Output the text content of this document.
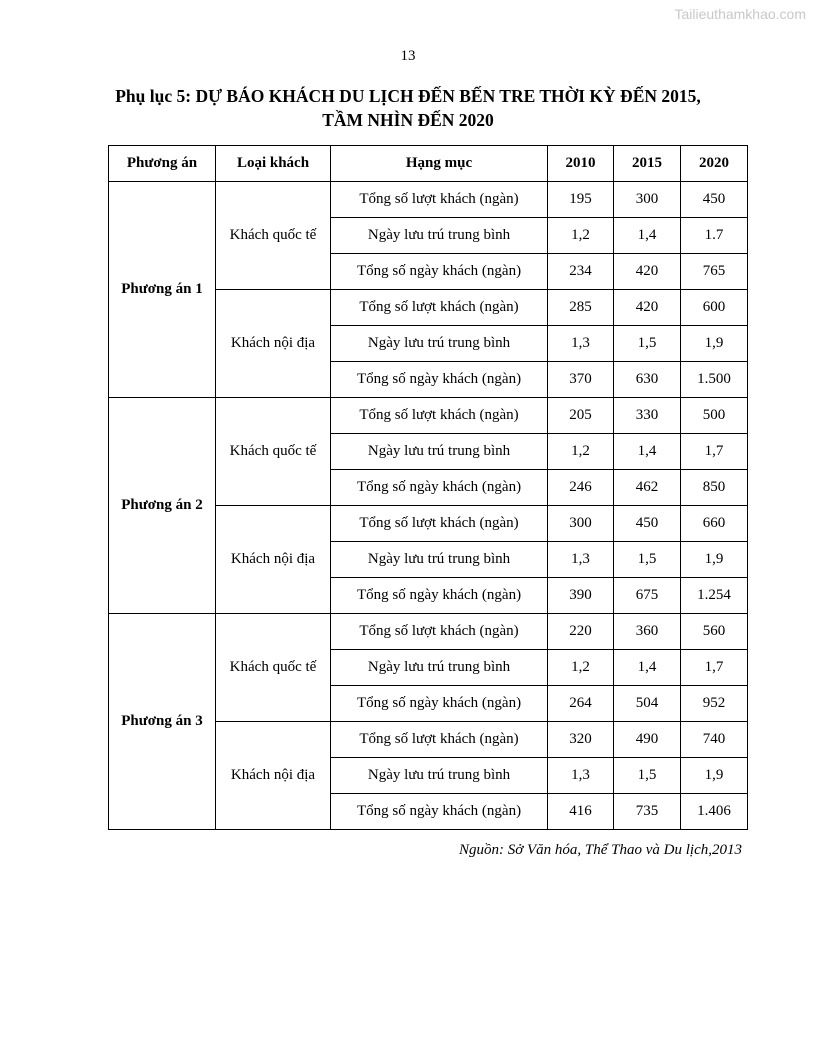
Tailieuthamkhao.com
13
Phụ lục 5: DỰ BÁO KHÁCH DU LỊCH ĐẾN BẾN TRE THỜI KỲ ĐẾN 2015,
TẦM NHÌN ĐẾN 2020
Phương án	Loại khách	Hạng mục	2010	2015	2020
Phương án 1	Khách quốc tế	Tổng số lượt khách (ngàn)	195	300	450
		Ngày lưu trú trung bình	1,2	1,4	1.7
		Tổng số ngày khách (ngàn)	234	420	765
	Khách nội địa	Tổng số lượt khách (ngàn)	285	420	600
		Ngày lưu trú trung bình	1,3	1,5	1,9
		Tổng số ngày khách (ngàn)	370	630	1.500
Phương án 2	Khách quốc tế	Tổng số lượt khách (ngàn)	205	330	500
		Ngày lưu trú trung bình	1,2	1,4	1,7
		Tổng số ngày khách (ngàn)	246	462	850
	Khách nội địa	Tổng số lượt khách (ngàn)	300	450	660
		Ngày lưu trú trung bình	1,3	1,5	1,9
		Tổng số ngày khách (ngàn)	390	675	1.254
Phương án 3	Khách quốc tế	Tổng số lượt khách (ngàn)	220	360	560
		Ngày lưu trú trung bình	1,2	1,4	1,7
		Tổng số ngày khách (ngàn)	264	504	952
	Khách nội địa	Tổng số lượt khách (ngàn)	320	490	740
		Ngày lưu trú trung bình	1,3	1,5	1,9
		Tổng số ngày khách (ngàn)	416	735	1.406
Nguồn: Sở Văn hóa, Thể Thao và Du lịch,2013
